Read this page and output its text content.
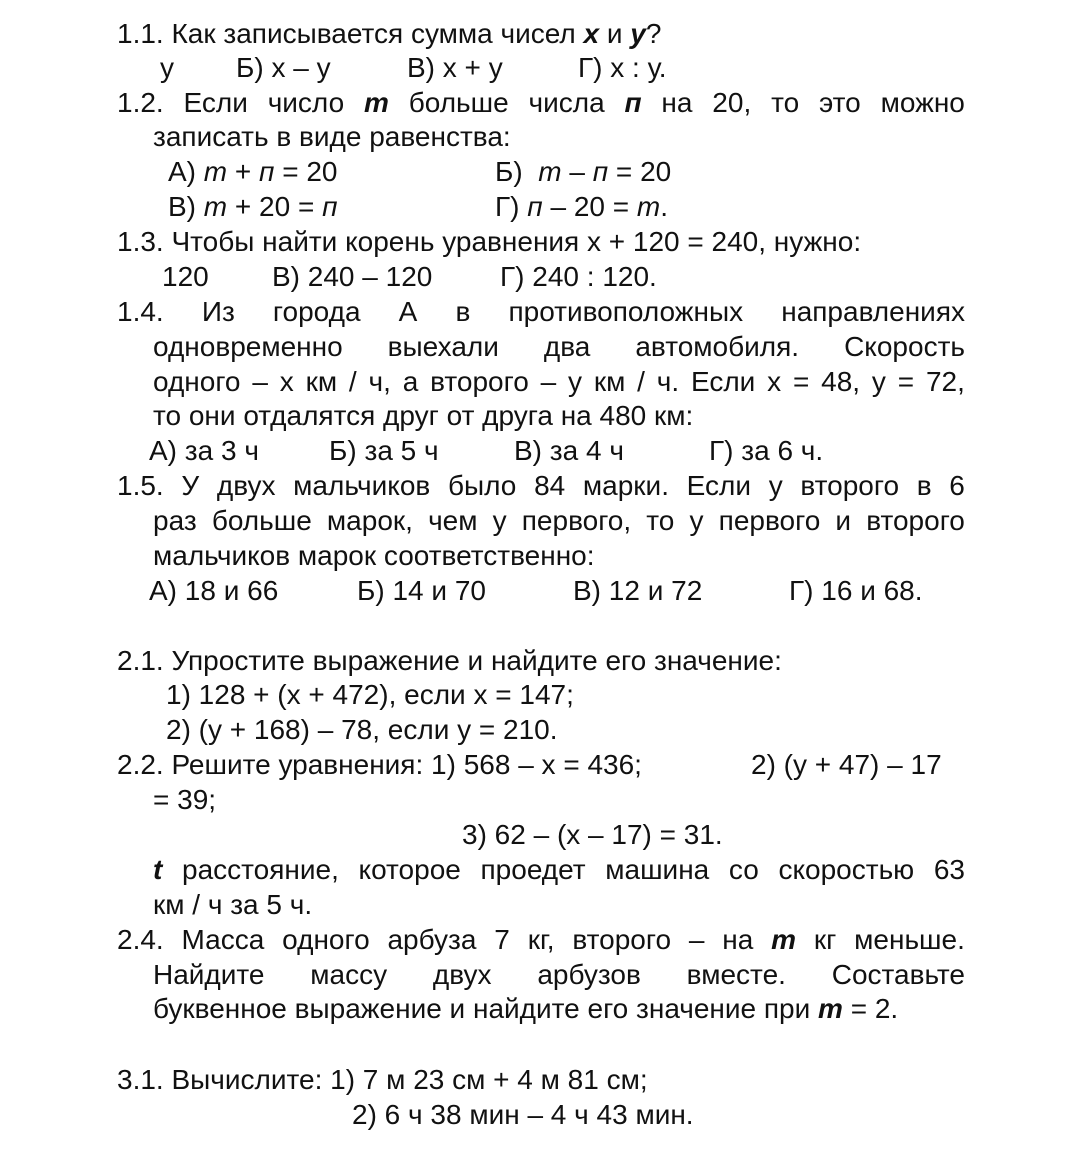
1.1. Как записывается сумма чисел x и y?
у Б) х – у	В) х + у	Г) х : у.
1.2. Если число m больше числа п на 20, то это можно
записать в виде равенства:
А) m + п = 20	Б)  m – п = 20
В) m + 20 = п	Г) п – 20 = m.
1.3. Чтобы найти корень уравнения х + 120 = 240, нужно:
120 В) 240 – 120 Г) 240 : 120.
1.4. Из города А в противоположных направлениях
одновременно выехали два автомобиля. Скорость
одного – х км / ч, а второго – у км / ч. Если х = 48, у = 72,
то они отдалятся друг от друга на 480 км:
А) за 3 ч	Б) за 5 ч	В) за 4 ч	Г) за 6 ч.
1.5. У двух мальчиков было 84 марки. Если у второго в 6
раз больше марок, чем у первого, то у первого и второго
мальчиков марок соответственно:
А) 18 и 66	Б) 14 и 70	В) 12 и 72	Г) 16 и 68.
2.1. Упростите выражение и найдите его значение:
1) 128 + (х + 472), если х = 147;
2) (у + 168) – 78, если у = 210.
2.2. Решите уравнения: 1) 568 – х = 436;	2) (у + 47) – 17
= 39;
3) 62 – (х – 17) = 31.
t расстояние, которое проедет машина со скоростью 63
км / ч за 5 ч.
2.4. Масса одного арбуза 7 кг, второго – на m кг меньше.
Найдите массу двух арбузов вместе. Составьте
буквенное выражение и найдите его значение при m = 2.
3.1. Вычислите: 1) 7 м 23 см + 4 м 81 см;
2) 6 ч 38 мин – 4 ч 43 мин.
